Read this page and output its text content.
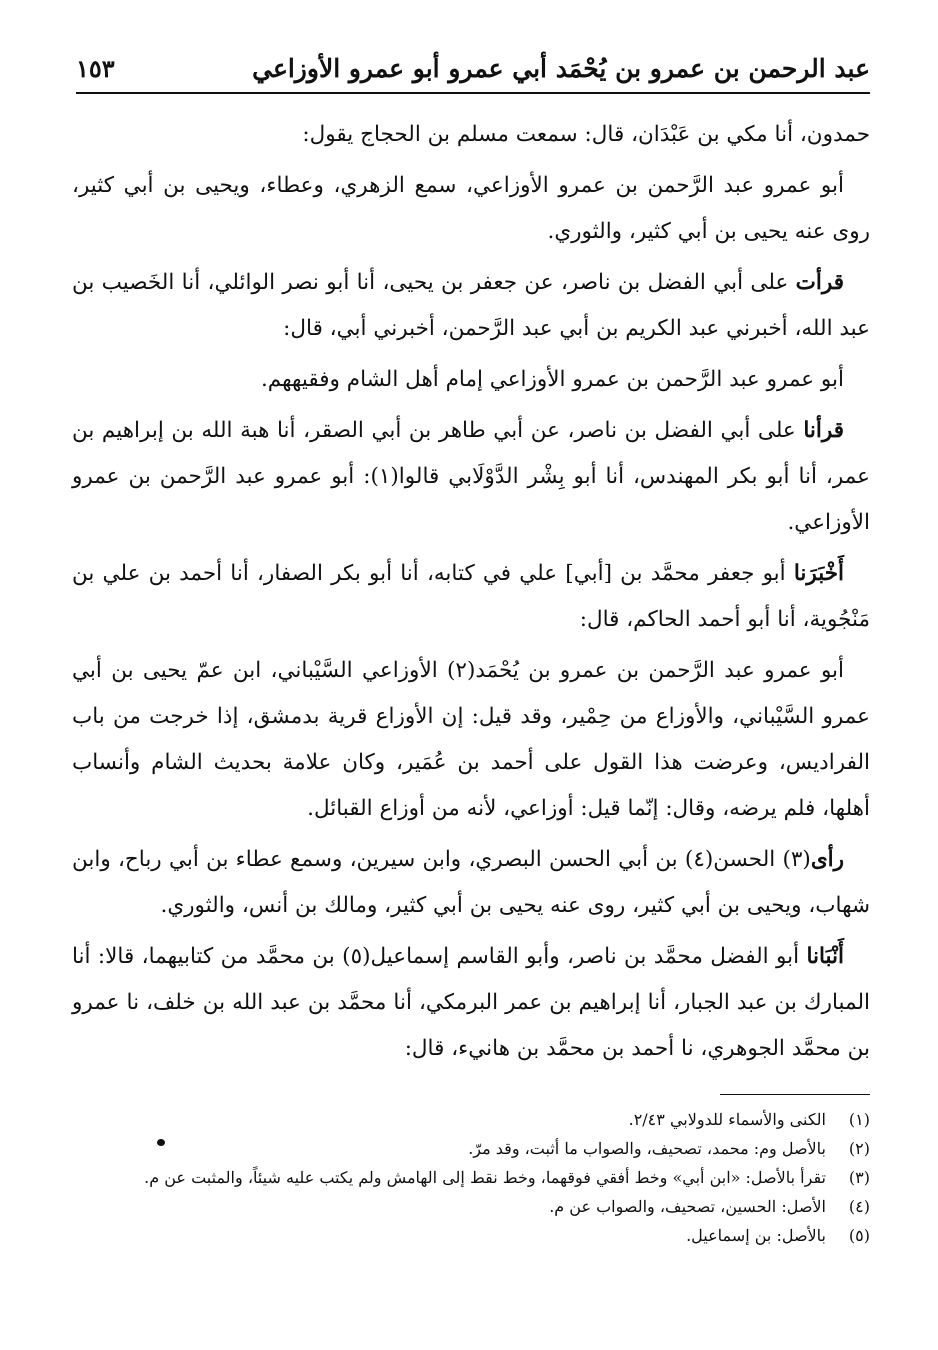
عبد الرحمن بن عمرو بن يُحْمَد أبي عمرو أبو عمرو الأوزاعي
١٥٣

حمدون، أنا مكي بن عَبْدَان، قال: سمعت مسلم بن الحجاج يقول:

أبو عمرو عبد الرَّحمن بن عمرو الأوزاعي، سمع الزهري، وعطاء، ويحيى بن أبي كثير، روى عنه يحيى بن أبي كثير، والثوري.

قرأت على أبي الفضل بن ناصر، عن جعفر بن يحيى، أنا أبو نصر الوائلي، أنا الخَصيب بن عبد الله، أخبرني عبد الكريم بن أبي عبد الرَّحمن، أخبرني أبي، قال:

أبو عمرو عبد الرَّحمن بن عمرو الأوزاعي إمام أهل الشام وفقيههم.

قرأنا على أبي الفضل بن ناصر، عن أبي طاهر بن أبي الصقر، أنا هبة الله بن إبراهيم بن عمر، أنا أبو بكر المهندس، أنا أبو بِشْر الدَّوْلَابي قالوا(١): أبو عمرو عبد الرَّحمن بن عمرو الأوزاعي.

أَخْبَرَنا أبو جعفر محمَّد بن [أبي] علي في كتابه، أنا أبو بكر الصفار، أنا أحمد بن علي بن مَنْجُوية، أنا أبو أحمد الحاكم، قال:

أبو عمرو عبد الرَّحمن بن عمرو بن يُحْمَد(٢) الأوزاعي السَّيْباني، ابن عمّ يحيى بن أبي عمرو السَّيْباني، والأوزاع من حِمْير، وقد قيل: إن الأوزاع قرية بدمشق، إذا خرجت من باب الفراديس، وعرضت هذا القول على أحمد بن عُمَير، وكان علامة بحديث الشام وأنساب أهلها، فلم يرضه، وقال: إنّما قيل: أوزاعي، لأنه من أوزاع القبائل.

رأى(٣) الحسن(٤) بن أبي الحسن البصري، وابن سيرين، وسمع عطاء بن أبي رباح، وابن شهاب، ويحيى بن أبي كثير، روى عنه يحيى بن أبي كثير، ومالك بن أنس، والثوري.

أَنْبَانا أبو الفضل محمَّد بن ناصر، وأبو القاسم إسماعيل(٥) بن محمَّد من كتابيهما، قالا: أنا المبارك بن عبد الجبار، أنا إبراهيم بن عمر البرمكي، أنا محمَّد بن عبد الله بن خلف، نا عمرو بن محمَّد الجوهري، نا أحمد بن محمَّد بن هانيء، قال:

(١)
الكنى والأسماء للدولابي ٢/٤٣.
(٢)
بالأصل وم: محمد، تصحيف، والصواب ما أثبت، وقد مرّ.
(٣)
تقرأ بالأصل: «ابن أبي» وخط أفقي فوقهما، وخط نقط إلى الهامش ولم يكتب عليه شيئاً، والمثبت عن م.
(٤)
الأصل: الحسين، تصحيف، والصواب عن م.
(٥)
بالأصل: بن إسماعيل.
